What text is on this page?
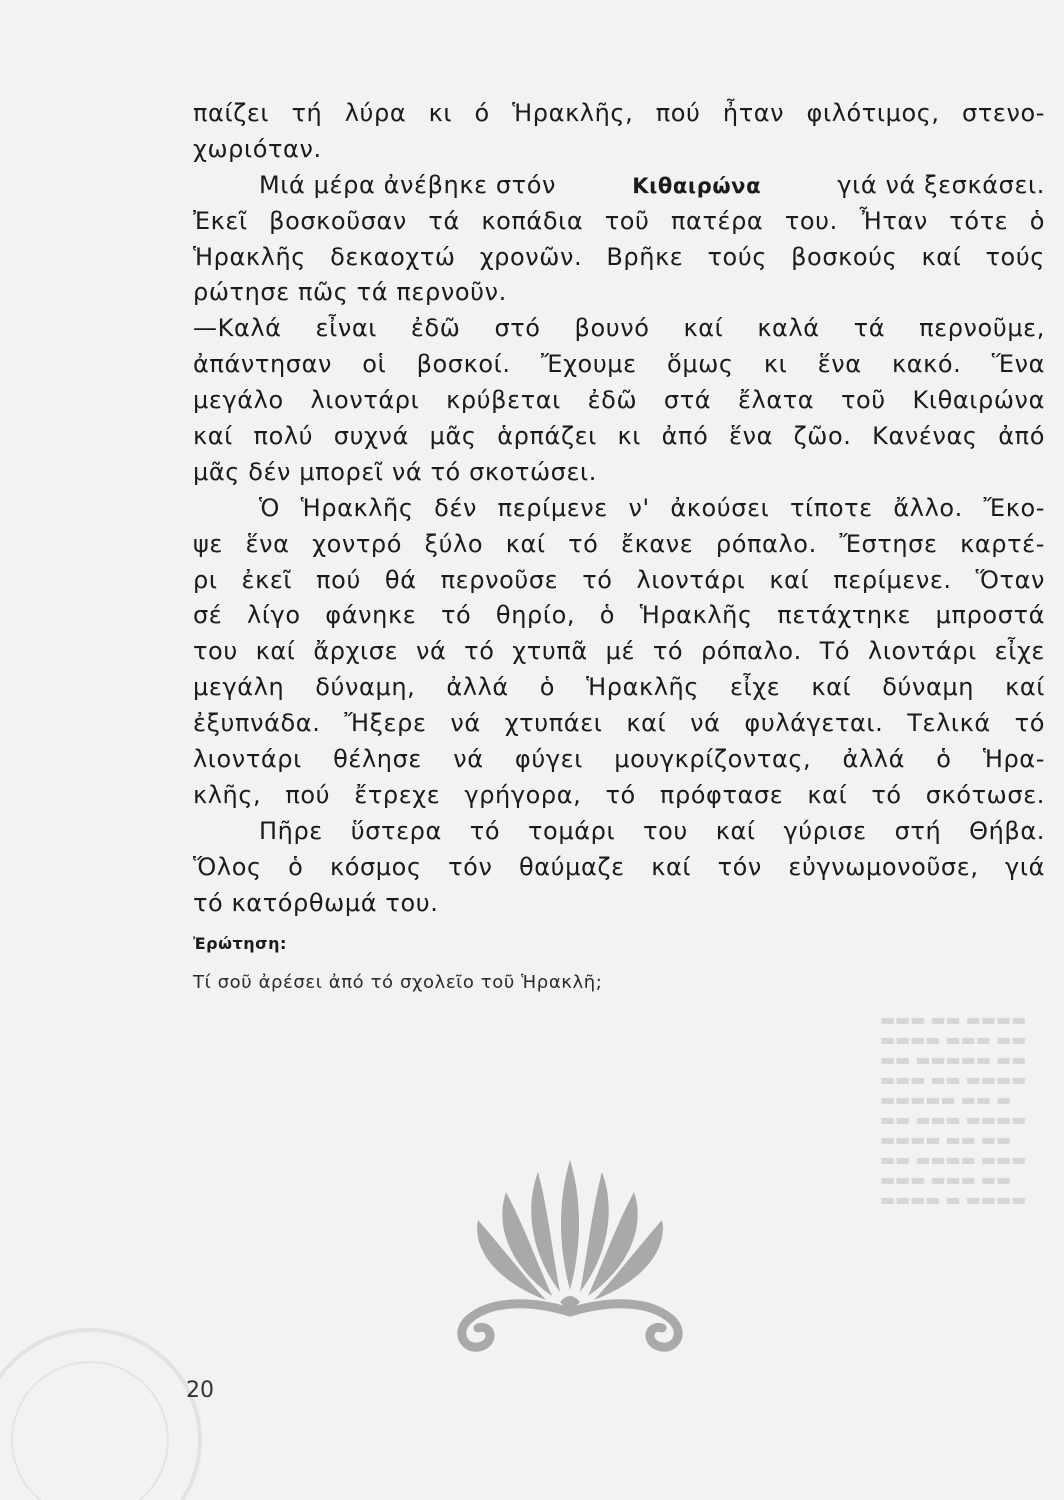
▬▬▬ ▬▬ ▬▬▬▬
▬▬▬▬ ▬▬▬ ▬▬
▬▬ ▬▬▬▬▬ ▬▬
▬▬▬ ▬▬ ▬▬▬▬
▬▬▬▬▬ ▬▬ ▬
▬▬ ▬▬▬ ▬▬▬▬
▬▬▬▬ ▬▬ ▬▬
▬▬ ▬▬▬▬ ▬▬▬
▬▬▬ ▬▬▬ ▬▬
▬▬▬▬ ▬ ▬▬▬▬
παίζει τή λύρα κι ό Ἡρακλῆς, πού ἦταν φιλότιμος, στενο-
χωριόταν.
Μιά μέρα ἀνέβηκε στόν	Κιθαιρώνα	γιά νά ξεσκάσει.
Ἐκεῖ βοσκοῦσαν τά κοπάδια τοῦ πατέρα του. Ἦταν τότε ὁ
Ἡρακλῆς δεκαοχτώ χρονῶν. Βρῆκε τούς βοσκούς καί τούς
ρώτησε πῶς τά περνοῦν.
—Καλά εἶναι ἐδῶ στό βουνό καί καλά τά περνοῦμε,
ἀπάντησαν οἱ βοσκοί. Ἔχουμε ὅμως κι ἕνα κακό. Ἕνα
μεγάλο λιοντάρι κρύβεται ἐδῶ στά ἔλατα τοῦ Κιθαιρώνα
καί πολύ συχνά μᾶς ἁρπάζει κι ἀπό ἕνα ζῶο. Κανένας ἀπό
μᾶς δέν μπορεῖ νά τό σκοτώσει.
Ὁ Ἡρακλῆς δέν περίμενε ν' ἀκούσει τίποτε ἄλλο. Ἔκο-
ψε ἕνα χοντρό ξύλο καί τό ἔκανε ρόπαλο. Ἔστησε καρτέ-
ρι ἐκεῖ πού θά περνοῦσε τό λιοντάρι καί περίμενε. Ὅταν
σέ λίγο φάνηκε τό θηρίο, ὁ Ἡρακλῆς πετάχτηκε μπροστά
του καί ἄρχισε νά τό χτυπᾶ μέ τό ρόπαλο. Τό λιοντάρι εἶχε
μεγάλη δύναμη, ἀλλά ὁ Ἡρακλῆς εἶχε καί δύναμη καί
ἐξυπνάδα. Ἤξερε νά χτυπάει καί νά φυλάγεται. Τελικά τό
λιοντάρι θέλησε νά φύγει μουγκρίζοντας, ἀλλά ὁ Ἡρα-
κλῆς, πού ἔτρεχε γρήγορα, τό πρόφτασε καί τό σκότωσε.
Πῆρε ὕστερα τό τομάρι του καί γύρισε στή Θήβα.
Ὅλος ὁ κόσμος τόν θαύμαζε καί τόν εὐγνωμονοῦσε, γιά
τό κατόρθωμά του.
Ἐρώτηση:
Τί σοῦ ἀρέσει ἀπό τό σχολεῖο τοῦ Ἡρακλῆ;
20
